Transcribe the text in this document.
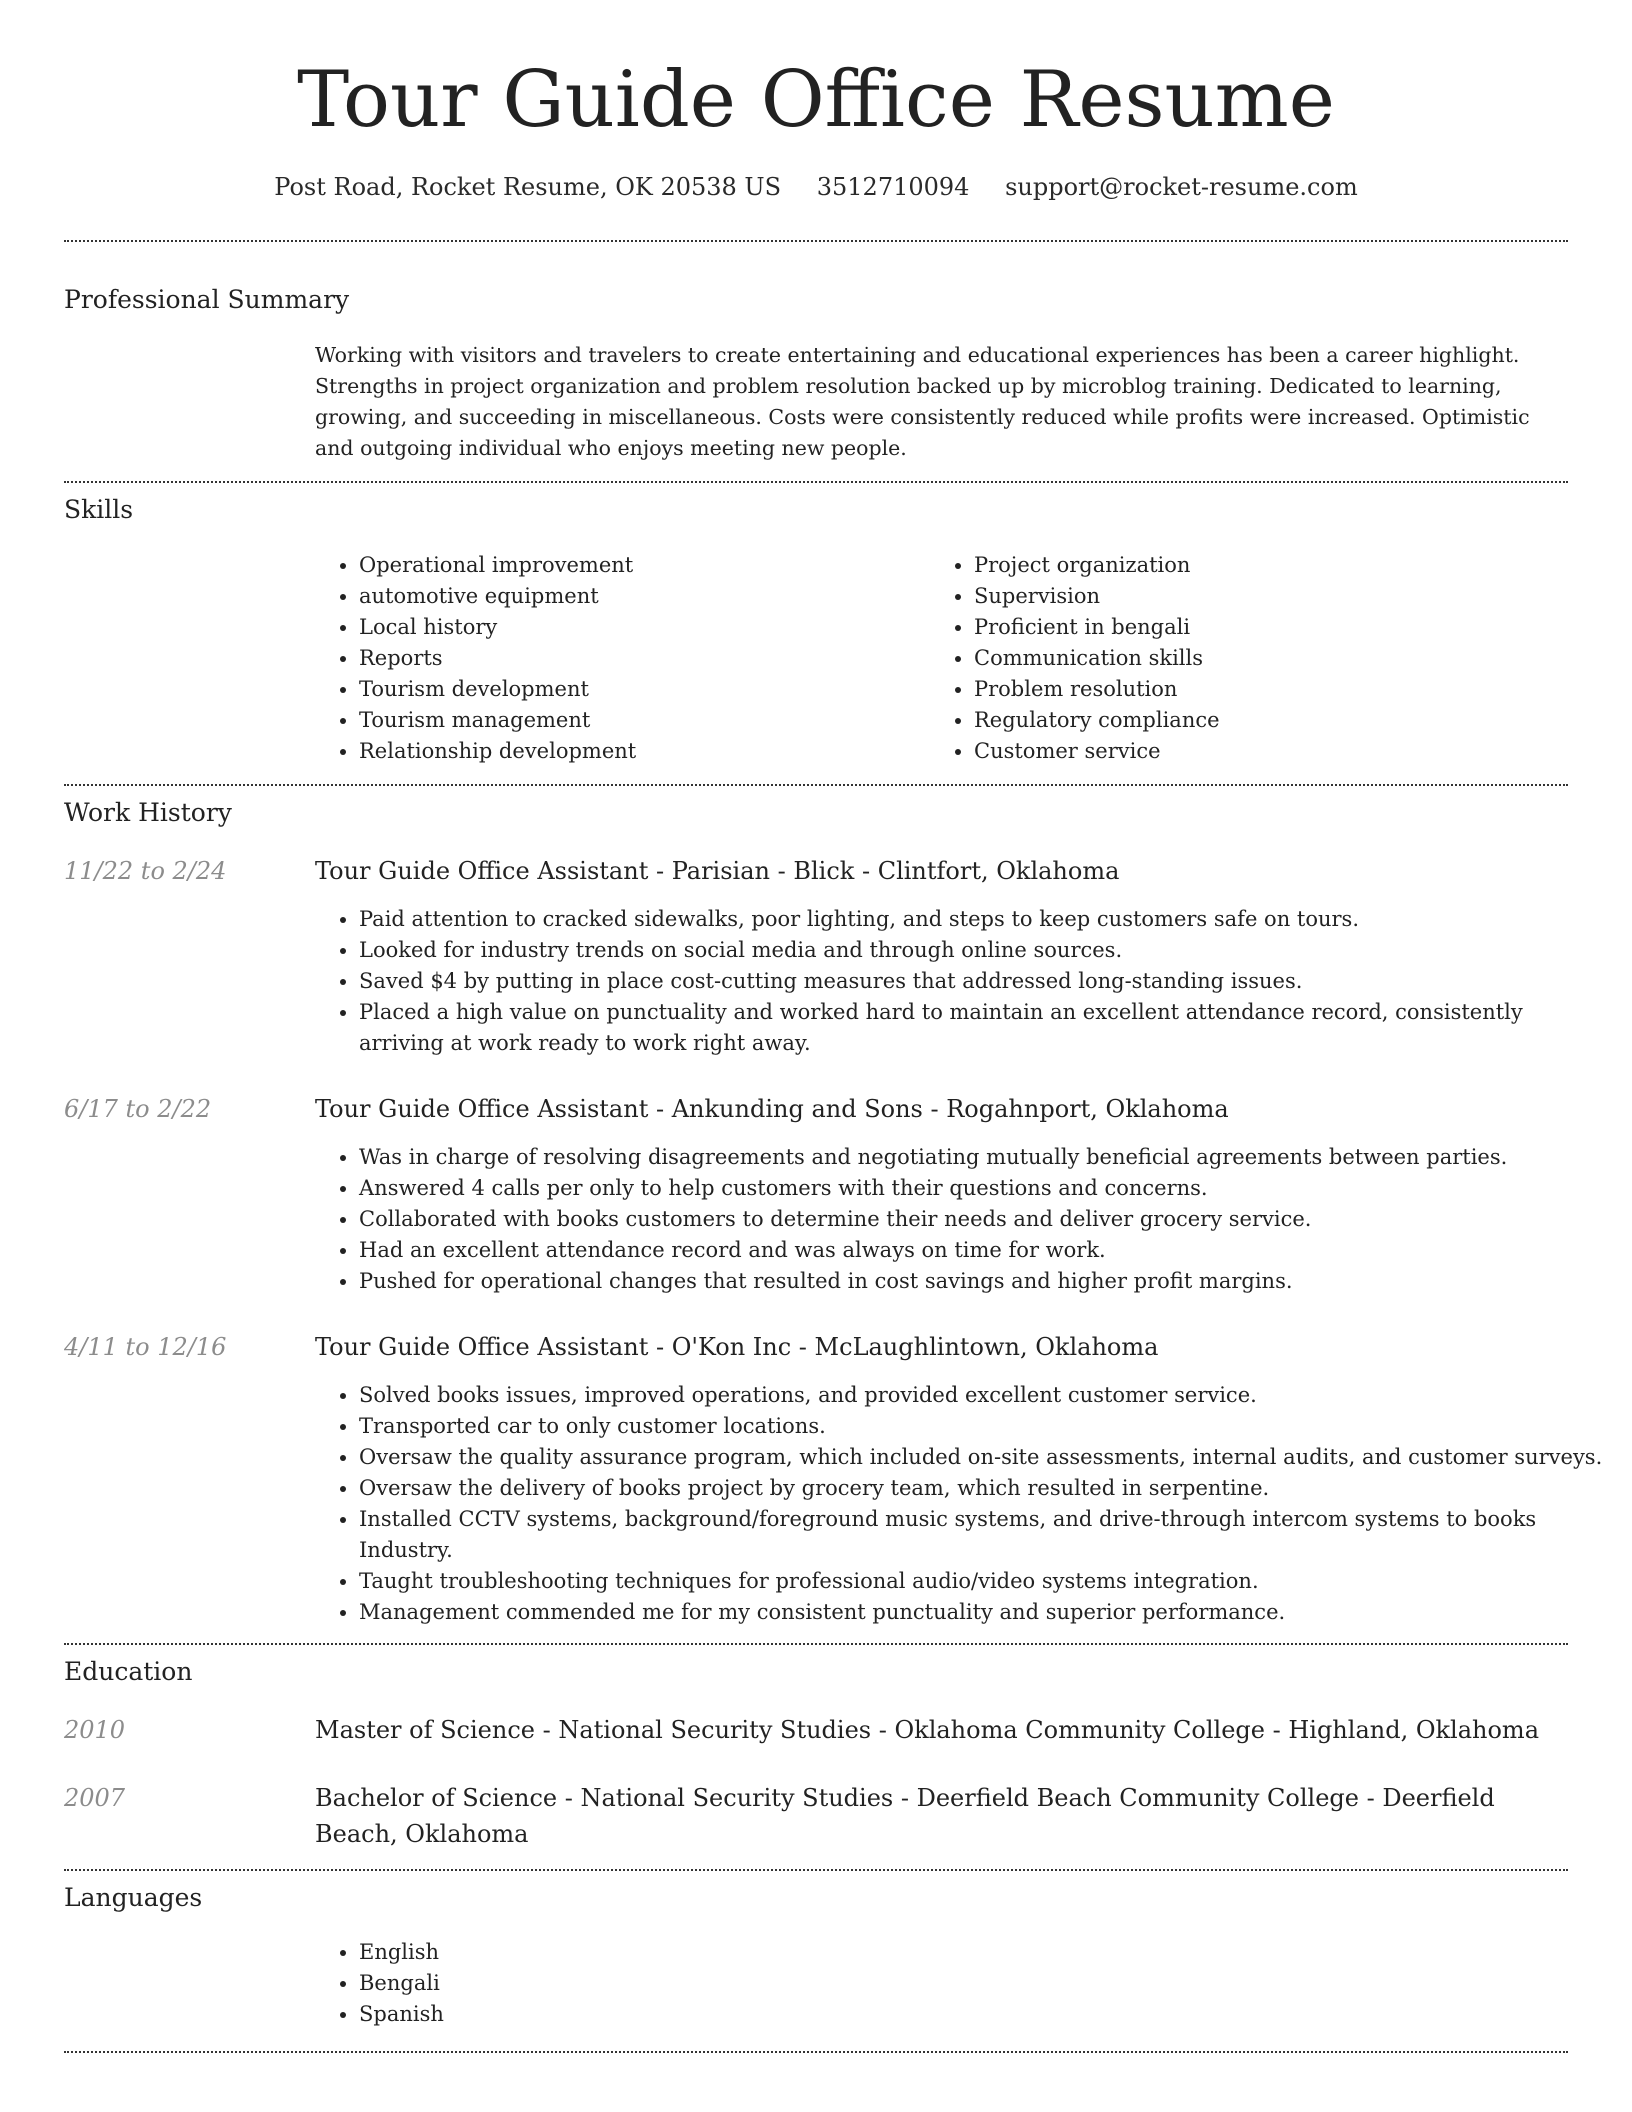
Tour Guide Office Resume
Post Road, Rocket Resume, OK 20538 US 3512710094 support@rocket-resume.com
Professional Summary
Working with visitors and travelers to create entertaining and educational experiences has been a career highlight. Strengths in project organization and problem resolution backed up by microblog training. Dedicated to learning, growing, and succeeding in miscellaneous. Costs were consistently reduced while profits were increased. Optimistic and outgoing individual who enjoys meeting new people.
Skills
• Operational improvement
• automotive equipment
• Local history
• Reports
• Tourism development
• Tourism management
• Relationship development
• Project organization
• Supervision
• Proficient in bengali
• Communication skills
• Problem resolution
• Regulatory compliance
• Customer service
Work History
11/22 to 2/24	Tour Guide Office Assistant - Parisian - Blick - Clintfort, Oklahoma
• Paid attention to cracked sidewalks, poor lighting, and steps to keep customers safe on tours.
• Looked for industry trends on social media and through online sources.
• Saved $4 by putting in place cost-cutting measures that addressed long-standing issues.
• Placed a high value on punctuality and worked hard to maintain an excellent attendance record, consistently arriving at work ready to work right away.
6/17 to 2/22	Tour Guide Office Assistant - Ankunding and Sons - Rogahnport, Oklahoma
• Was in charge of resolving disagreements and negotiating mutually beneficial agreements between parties.
• Answered 4 calls per only to help customers with their questions and concerns.
• Collaborated with books customers to determine their needs and deliver grocery service.
• Had an excellent attendance record and was always on time for work.
• Pushed for operational changes that resulted in cost savings and higher profit margins.
4/11 to 12/16	Tour Guide Office Assistant - O'Kon Inc - McLaughlintown, Oklahoma
• Solved books issues, improved operations, and provided excellent customer service.
• Transported car to only customer locations.
• Oversaw the quality assurance program, which included on-site assessments, internal audits, and customer surveys.
• Oversaw the delivery of books project by grocery team, which resulted in serpentine.
• Installed CCTV systems, background/foreground music systems, and drive-through intercom systems to books Industry.
• Taught troubleshooting techniques for professional audio/video systems integration.
• Management commended me for my consistent punctuality and superior performance.
Education
2010	Master of Science - National Security Studies - Oklahoma Community College - Highland, Oklahoma
2007	Bachelor of Science - National Security Studies - Deerfield Beach Community College - Deerfield Beach, Oklahoma
Languages
• English
• Bengali
• Spanish
